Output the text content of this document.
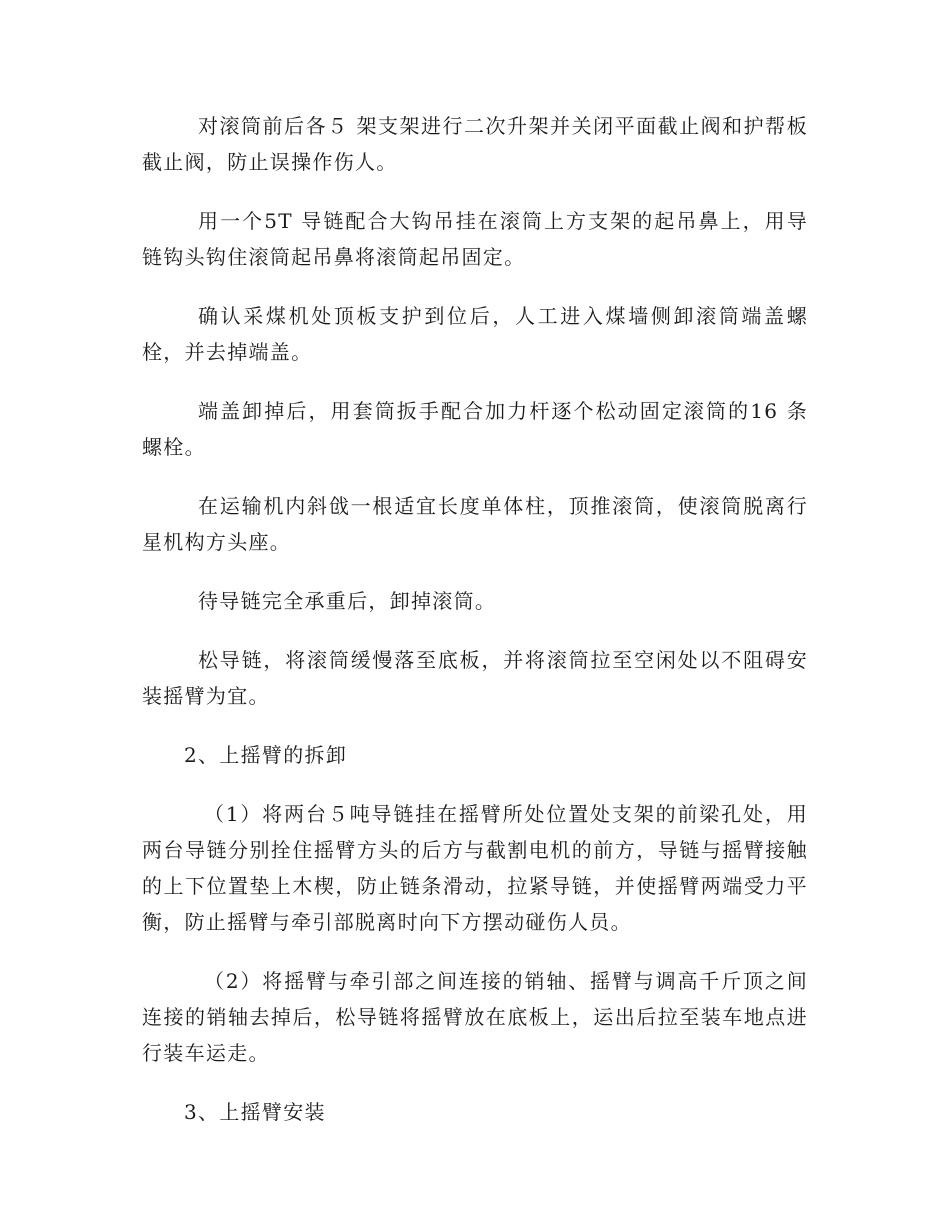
对滚筒前后各５ 架支架进行二次升架并关闭平面截止阀和护帮板截止阀，防止误操作伤人。

用一个5T 导链配合大钩吊挂在滚筒上方支架的起吊鼻上，用导链钩头钩住滚筒起吊鼻将滚筒起吊固定。

确认采煤机处顶板支护到位后，人工进入煤墙侧卸滚筒端盖螺栓，并去掉端盖。

端盖卸掉后，用套筒扳手配合加力杆逐个松动固定滚筒的16 条螺栓。

在运输机内斜戗一根适宜长度单体柱，顶推滚筒，使滚筒脱离行星机构方头座。

待导链完全承重后，卸掉滚筒。

松导链，将滚筒缓慢落至底板，并将滚筒拉至空闲处以不阻碍安装摇臂为宜。

2、上摇臂的拆卸

（1）将两台５吨导链挂在摇臂所处位置处支架的前梁孔处，用两台导链分别拴住摇臂方头的后方与截割电机的前方，导链与摇臂接触的上下位置垫上木楔，防止链条滑动，拉紧导链，并使摇臂两端受力平衡，防止摇臂与牵引部脱离时向下方摆动碰伤人员。

（2）将摇臂与牵引部之间连接的销轴、摇臂与调高千斤顶之间连接的销轴去掉后，松导链将摇臂放在底板上，运出后拉至装车地点进行装车运走。

3、上摇臂安装
